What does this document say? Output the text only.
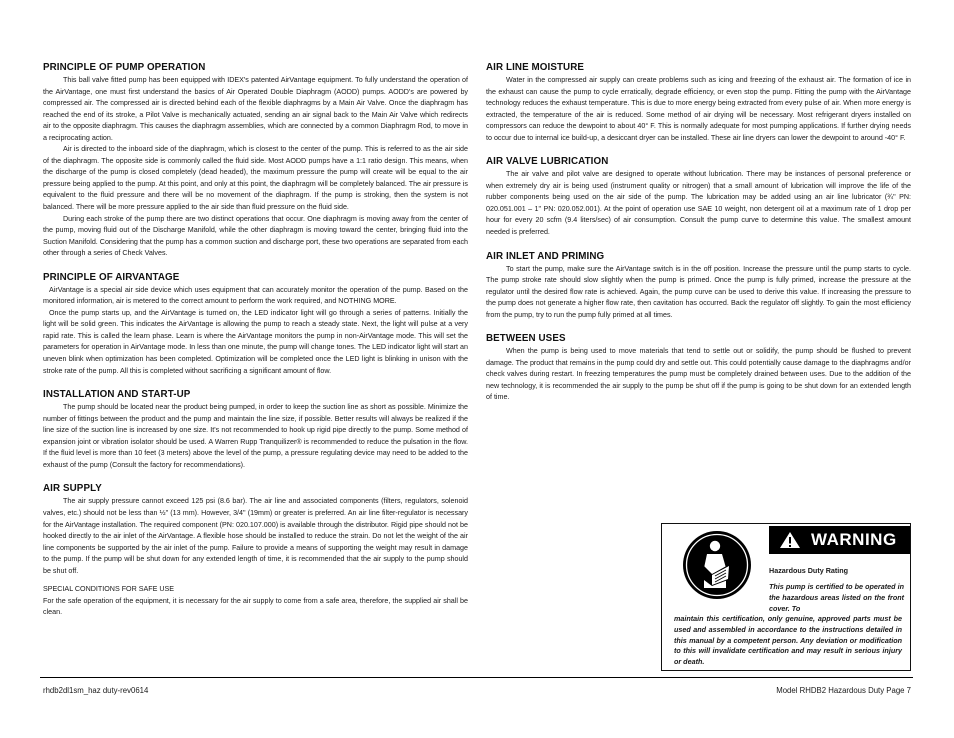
PRINCIPLE OF PUMP OPERATION

This ball valve fitted pump has been equipped with IDEX's patented AirVantage equipment. To fully understand the operation of the AirVantage, one must first understand the basics of Air Operated Double Diaphragm (AODD) pumps. AODD's are powered by compressed air. The compressed air is directed behind each of the flexible diaphragms by a Main Air Valve. Once the diaphragm has reached the end of its stroke, a Pilot Valve is mechanically actuated, sending an air signal back to the Main Air Valve which redirects air to the opposite diaphragm. This causes the diaphragm assemblies, which are connected by a common Diaphragm Rod, to move in a reciprocating action.

Air is directed to the inboard side of the diaphragm, which is closest to the center of the pump. This is referred to as the air side of the diaphragm. The opposite side is commonly called the fluid side. Most AODD pumps have a 1:1 ratio design. This means, when the discharge of the pump is closed completely (dead headed), the maximum pressure the pump will create will be equal to the air pressure being applied to the pump. At this point, and only at this point, the diaphragm will be completely balanced. The air pressure is equivalent to the fluid pressure and there will be no movement of the diaphragm. If the pump is stroking, then the system is not balanced. There will be more pressure applied to the air side than fluid pressure on the fluid side.

During each stroke of the pump there are two distinct operations that occur. One diaphragm is moving away from the center of the pump, moving fluid out of the Discharge Manifold, while the other diaphragm is moving toward the center, bringing fluid into the Suction Manifold. Considering that the pump has a common suction and discharge port, these two operations are separated from each other through a series of Check Valves.

PRINCIPLE OF AIRVANTAGE

AirVantage is a special air side device which uses equipment that can accurately monitor the operation of the pump. Based on the monitored information, air is metered to the correct amount to perform the work required, and NOTHING MORE.

Once the pump starts up, and the AirVantage is turned on, the LED indicator light will go through a series of patterns. Initially the light will be solid green. This indicates the AirVantage is allowing the pump to reach a steady state. Next, the light will pulse at a very rapid rate. This is called the learn phase. Learn is where the AirVantage monitors the pump in non-AirVantage mode. This will set the parameters for operation in AirVantage mode. In less than one minute, the pump will change tones. The LED indicator light will start an uneven blink when optimization has been completed. Optimization will be completed once the LED light is blinking in unison with the stroke rate of the pump. All this is completed without sacrificing a significant amount of flow.

INSTALLATION AND START-UP

The pump should be located near the product being pumped, in order to keep the suction line as short as possible. Minimize the number of fittings between the product and the pump and maintain the line size, if possible. Better results will always be realized if the line size of the suction line is increased by one size. It's not recommended to hook up rigid pipe directly to the pump. Some method of expansion joint or vibration isolator should be used. A Warren Rupp Tranquilizer® is recommended to reduce the pulsation in the flow. If the fluid level is more than 10 feet (3 meters) above the level of the pump, a pressure regulating device may need to be added to the exhaust of the pump (Consult the factory for recommendations).

AIR SUPPLY

The air supply pressure cannot exceed 125 psi (8.6 bar). The air line and associated components (filters, regulators, solenoid valves, etc.) should not be less than ½" (13 mm). However, 3/4" (19mm) or greater is preferred. An air line filter-regulator is necessary for the AirVantage installation. The required component (PN: 020.107.000) is available through the distributor. Rigid pipe should not be hooked directly to the air inlet of the AirVantage. A flexible hose should be installed to reduce the strain. Do not let the weight of the air line components be supported by the air inlet of the pump. Failure to provide a means of supporting the weight may result in damage to the pump. If the pump will be shut down for any extended length of time, it is recommended that the air supply to the pump should be shut off.

SPECIAL CONDITIONS FOR SAFE USE

For the safe operation of the equipment, it is necessary for the air supply to come from a safe area, therefore, the supplied air shall be clean.

AIR LINE MOISTURE

Water in the compressed air supply can create problems such as icing and freezing of the exhaust air. The formation of ice in the exhaust can cause the pump to cycle erratically, degrade efficiency, or even stop the pump. Fitting the pump with the AirVantage technology reduces the exhaust temperature. This is due to more energy being extracted from every pulse of air. When more energy is extracted, the temperature of the air is reduced. Some method of air drying will be necessary. Most refrigerant dryers installed on compressors can reduce the dewpoint to about 40° F. This is normally adequate for most pumping applications. If further drying needs to occur due to internal ice build-up, a desiccant dryer can be installed. These air line dryers can lower the dewpoint to around -40° F.

AIR VALVE LUBRICATION

The air valve and pilot valve are designed to operate without lubrication. There may be instances of personal preference or when extremely dry air is being used (instrument quality or nitrogen) that a small amount of lubrication will improve the life of the rubber components being used on the air side of the pump. The lubrication may be added using an air line lubricator (¾" PN: 020.051.001 – 1" PN: 020.052.001). At the point of operation use SAE 10 weight, non detergent oil at a maximum rate of 1 drop per hour for every 20 scfm (9.4 liters/sec) of air consumption. Consult the pump curve to determine this value. The smallest amount needed is preferred.

AIR INLET AND PRIMING

To start the pump, make sure the AirVantage switch is in the off position. Increase the pressure until the pump starts to cycle. The pump stroke rate should slow slightly when the pump is primed. Once the pump is fully primed, increase the pressure at the regulator until the desired flow rate is achieved. Again, the pump curve can be used to derive this value. If increasing the pressure to the pump does not generate a higher flow rate, then cavitation has occurred. Back the regulator off slightly. To gain the most efficiency from the pump, try to run the pump fully primed at all times.

BETWEEN USES

When the pump is being used to move materials that tend to settle out or solidify, the pump should be flushed to prevent damage. The product that remains in the pump could dry and settle out. This could potentially cause damage to the diaphragms and/or check valves during restart. In freezing temperatures the pump must be completely drained between uses. Due to the addition of the new technology, it is recommended the air supply to the pump be shut off if the pump is going to be shut down for an extended length of time.

WARNING
Hazardous Duty Rating
This pump is certified to be operated in the hazardous areas listed on the front cover. To
maintain this certification, only genuine, approved parts must be used and assembled in accordance to the instructions detailed in this manual by a competent person. Any deviation or modification to this will invalidate certification and may result in serious injury or death.
rhdb2dl1sm_haz duty-rev0614	Model RHDB2 Hazardous Duty Page 7
